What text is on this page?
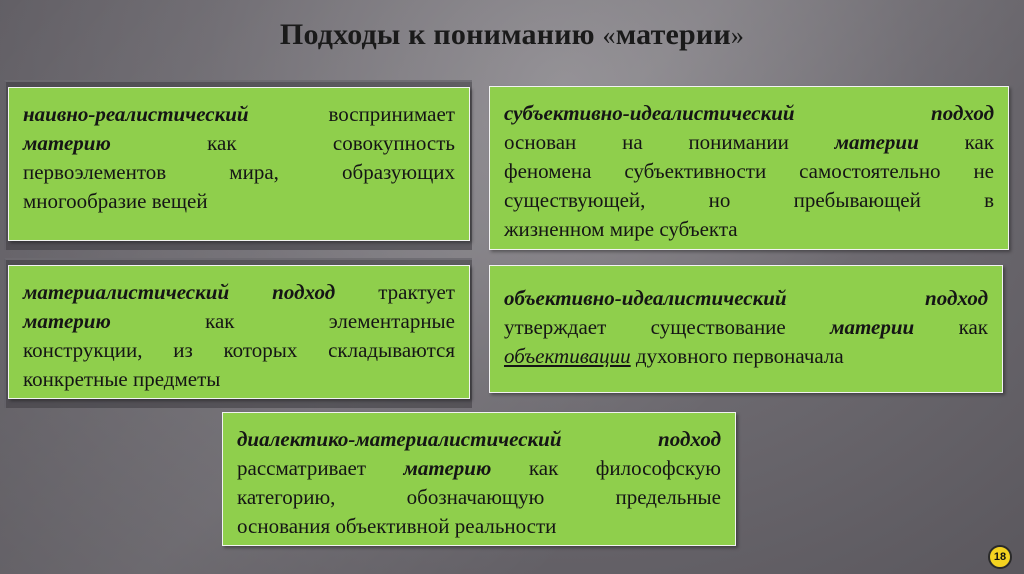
Подходы к пониманию «материи»
наивно-реалистический воспринимает
материю как совокупность
первоэлементов мира, образующих
многообразие вещей
субъективно-идеалистический подход
основан на понимании материи как
феномена субъективности самостоятельно не
существующей, но пребывающей в
жизненном мире субъекта
материалистический подход трактует
материю как элементарные
конструкции, из которых складываются
конкретные предметы
объективно-идеалистический подход
утверждает существование материи как
объективации духовного первоначала
диалектико-материалистический подход
рассматривает материю как философскую
категорию, обозначающую предельные
основания объективной реальности
18
